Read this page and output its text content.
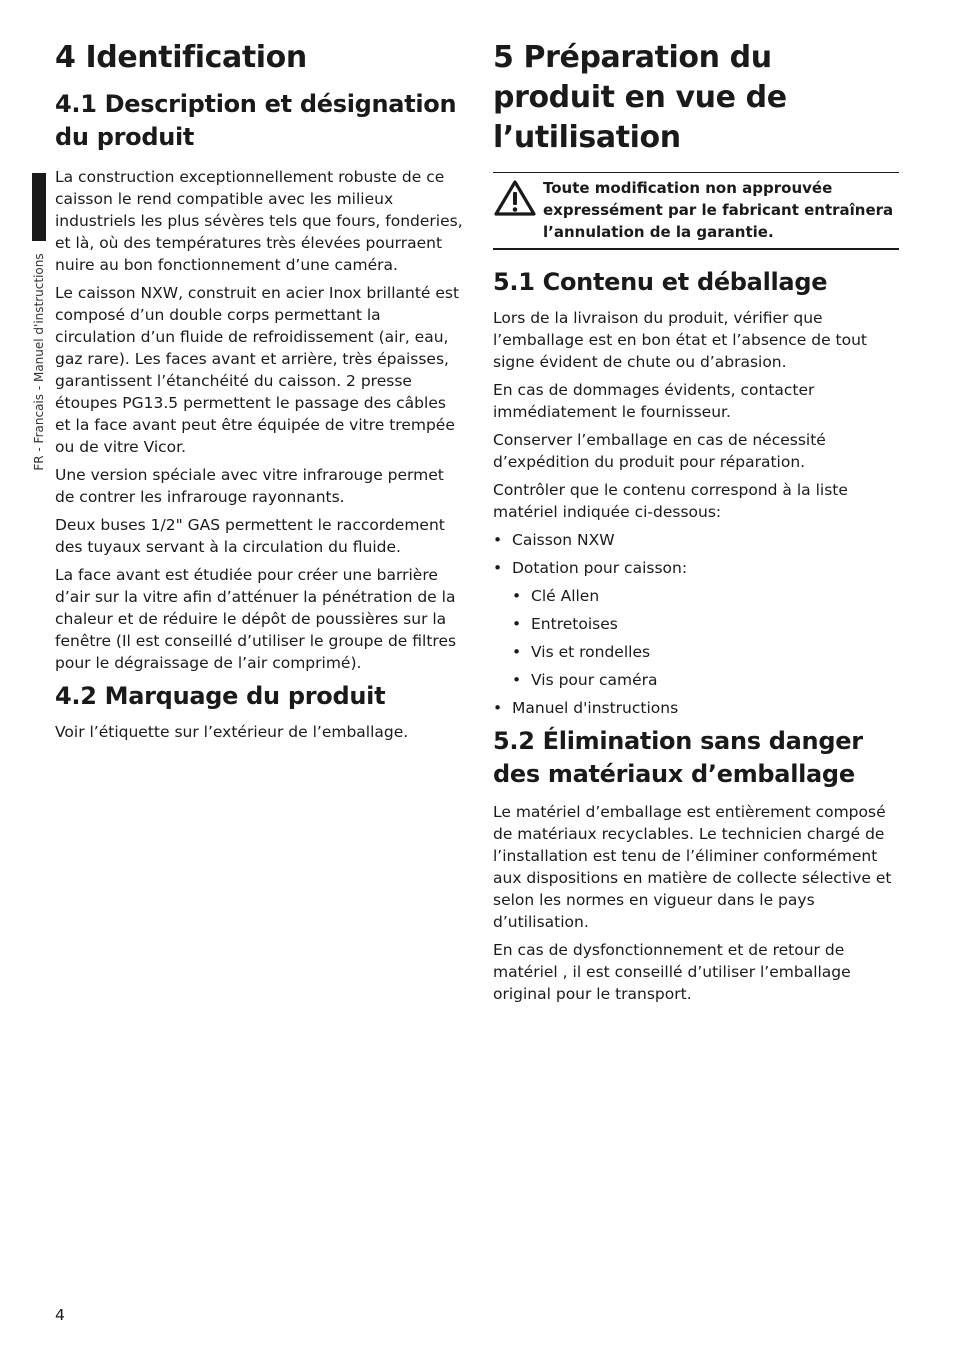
FR - Francais - Manuel d'instructions
4 Identification
4.1 Description et désignation du produit

La construction exceptionnellement robuste de ce caisson le rend compatible avec les milieux industriels les plus sévères tels que fours, fonderies, et là, où des températures très élevées pourraent nuire au bon fonctionnement d’une caméra.

Le caisson NXW, construit en acier Inox brillanté est composé d’un double corps permettant la circulation d’un fluide de refroidissement (air, eau, gaz rare). Les faces avant et arrière, très épaisses, garantissent l’étanchéité du caisson. 2 presse étoupes PG13.5 permettent le passage des câbles et la face avant peut être équipée de vitre trempée ou de vitre Vicor.

Une version spéciale avec vitre infrarouge permet de contrer les infrarouge rayonnants.

Deux buses 1/2" GAS permettent le raccordement des tuyaux servant à la circulation du fluide.

La face avant est étudiée pour créer une barrière d’air sur la vitre afin d’atténuer la pénétration de la chaleur et de réduire le dépôt de poussières sur la fenêtre (Il est conseillé d’utiliser le groupe de filtres pour le dégraissage de l’air comprimé).

4.2 Marquage du produit

Voir l’étiquette sur l’extérieur de l’emballage.

5 Préparation du produit en vue de l’utilisation
Toute modification non approuvée expressément par le fabricant entraînera l’annulation de la garantie.
5.1 Contenu et déballage

Lors de la livraison du produit, vérifier que l’emballage est en bon état et l’absence de tout signe évident de chute ou d’abrasion.

En cas de dommages évidents, contacter immédiatement le fournisseur.

Conserver l’emballage en cas de nécessité d’expédition du produit pour réparation.

Contrôler que le contenu correspond à la liste matériel indiquée ci-dessous:

• Caisson NXW
• Dotation pour caisson:
• Clé Allen
• Entretoises
• Vis et rondelles
• Vis pour caméra
• Manuel d'instructions
5.2 Élimination sans danger des matériaux d’emballage

Le matériel d’emballage est entièrement composé de matériaux recyclables. Le technicien chargé de l’installation est tenu de l’éliminer conformément aux dispositions en matière de collecte sélective et selon les normes en vigueur dans le pays d’utilisation.

En cas de dysfonctionnement et de retour de matériel , il est conseillé d’utiliser l’emballage original pour le transport.

4
